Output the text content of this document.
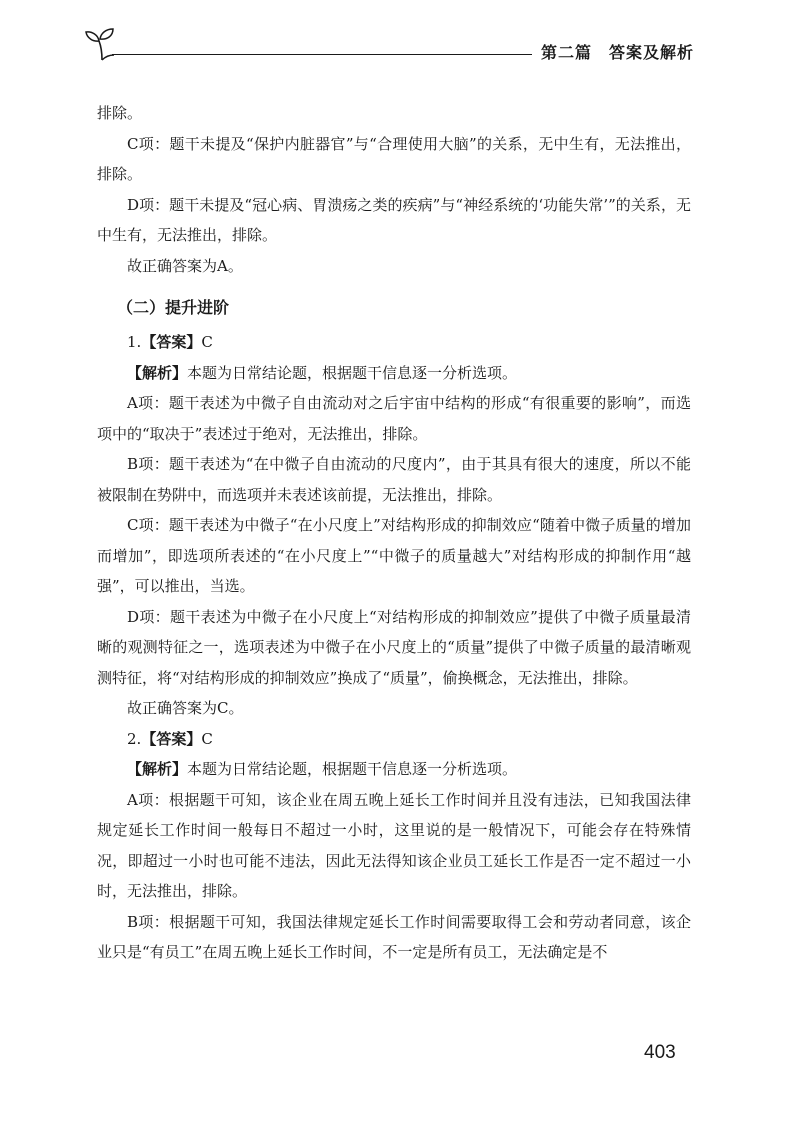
第二篇　答案及解析

排除。

C项：题干未提及“保护内脏器官”与“合理使用大脑”的关系，无中生有，无法推出，排除。

D项：题干未提及“冠心病、胃溃疡之类的疾病”与“神经系统的‘功能失常’”的关系，无中生有，无法推出，排除。

故正确答案为A。

（二）提升进阶

1.【答案】C

【解析】本题为日常结论题，根据题干信息逐一分析选项。

A项：题干表述为中微子自由流动对之后宇宙中结构的形成“有很重要的影响”，而选项中的“取决于”表述过于绝对，无法推出，排除。

B项：题干表述为“在中微子自由流动的尺度内”，由于其具有很大的速度，所以不能被限制在势阱中，而选项并未表述该前提，无法推出，排除。

C项：题干表述为中微子“在小尺度上”对结构形成的抑制效应“随着中微子质量的增加而增加”，即选项所表述的“在小尺度上”“中微子的质量越大”对结构形成的抑制作用“越强”，可以推出，当选。

D项：题干表述为中微子在小尺度上“对结构形成的抑制效应”提供了中微子质量最清晰的观测特征之一，选项表述为中微子在小尺度上的“质量”提供了中微子质量的最清晰观测特征，将“对结构形成的抑制效应”换成了“质量”，偷换概念，无法推出，排除。

故正确答案为C。

2.【答案】C

【解析】本题为日常结论题，根据题干信息逐一分析选项。

A项：根据题干可知，该企业在周五晚上延长工作时间并且没有违法，已知我国法律规定延长工作时间一般每日不超过一小时，这里说的是一般情况下，可能会存在特殊情况，即超过一小时也可能不违法，因此无法得知该企业员工延长工作是否一定不超过一小时，无法推出，排除。

B项：根据题干可知，我国法律规定延长工作时间需要取得工会和劳动者同意，该企业只是“有员工”在周五晚上延长工作时间，不一定是所有员工，无法确定是不

403
